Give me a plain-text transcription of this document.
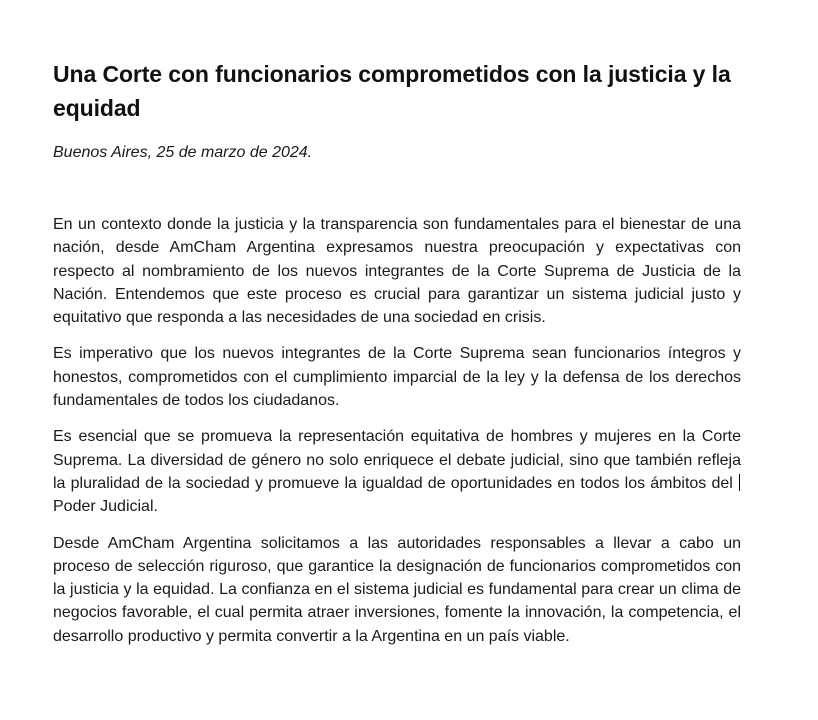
Una Corte con funcionarios comprometidos con la justicia y la equidad

Buenos Aires, 25 de marzo de 2024.

En un contexto donde la justicia y la transparencia son fundamentales para el bienestar de una nación, desde AmCham Argentina expresamos nuestra preocupación y expectativas con respecto al nombramiento de los nuevos integrantes de la Corte Suprema de Justicia de la Nación. Entendemos que este proceso es crucial para garantizar un sistema judicial justo y equitativo que responda a las necesidades de una sociedad en crisis.

Es imperativo que los nuevos integrantes de la Corte Suprema sean funcionarios íntegros y honestos, comprometidos con el cumplimiento imparcial de la ley y la defensa de los derechos fundamentales de todos los ciudadanos.

Es esencial que se promueva la representación equitativa de hombres y mujeres en la Corte Suprema. La diversidad de género no solo enriquece el debate judicial, sino que también refleja la pluralidad de la sociedad y promueve la igualdad de oportunidades en todos los ámbitos del Poder Judicial.

Desde AmCham Argentina solicitamos a las autoridades responsables a llevar a cabo un proceso de selección riguroso, que garantice la designación de funcionarios comprometidos con la justicia y la equidad. La confianza en el sistema judicial es fundamental para crear un clima de negocios favorable, el cual permita atraer inversiones, fomente la innovación, la competencia, el desarrollo productivo y permita convertir a la Argentina en un país viable.
